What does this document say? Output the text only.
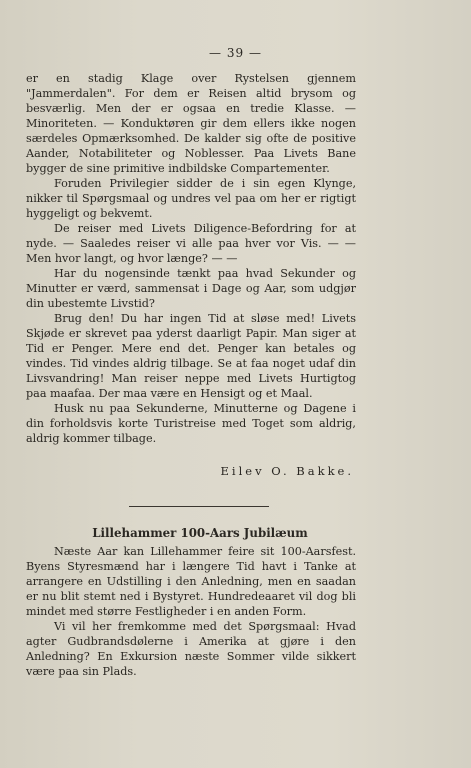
— 39 —

er en stadig Klage over Rystelsen gjennem "Jammerdalen". For dem er Reisen altid brysom og besværlig. Men der er ogsaa en tredie Klasse. — Minoriteten. — Konduktøren gir dem ellers ikke nogen særdeles Opmærksomhed. De kalder sig ofte de positive Aander, Notabiliteter og Noblesser. Paa Livets Bane bygger de sine primitive indbildske Compartementer.

Foruden Privilegier sidder de i sin egen Klynge, nikker til Spørgsmaal og undres vel paa om her er rigtigt hyggeligt og bekvemt.

De reiser med Livets Diligence-Befordring for at nyde. — Saaledes reiser vi alle paa hver vor Vis. — — Men hvor langt, og hvor længe? — —

Har du nogensinde tænkt paa hvad Sekunder og Minutter er værd, sammensat i Dage og Aar, som udgjør din ubestemte Livstid?

Brug den! Du har ingen Tid at sløse med! Livets Skjøde er skrevet paa yderst daarligt Papir. Man siger at Tid er Penger. Mere end det. Penger kan betales og vindes. Tid vindes aldrig tilbage. Se at faa noget udaf din Livsvandring! Man reiser neppe med Livets Hurtigtog paa maafaa. Der maa være en Hensigt og et Maal.

Husk nu paa Sekunderne, Minutterne og Dagene i din forholdsvis korte Turistreise med Toget som aldrig, aldrig kommer tilbage.

Eilev O. Bakke.
Lillehammer 100-Aars Jubilæum

Næste Aar kan Lillehammer feire sit 100-Aarsfest. Byens Styresmænd har i længere Tid havt i Tanke at arrangere en Udstilling i den Anledning, men en saadan er nu blit stemt ned i Bystyret. Hundredeaaret vil dog bli mindet med større Festligheder i en anden Form.

Vi vil her fremkomme med det Spørgsmaal: Hvad agter Gudbrandsdølerne i Amerika at gjøre i den Anledning? En Exkursion næste Sommer vilde sikkert være paa sin Plads.
